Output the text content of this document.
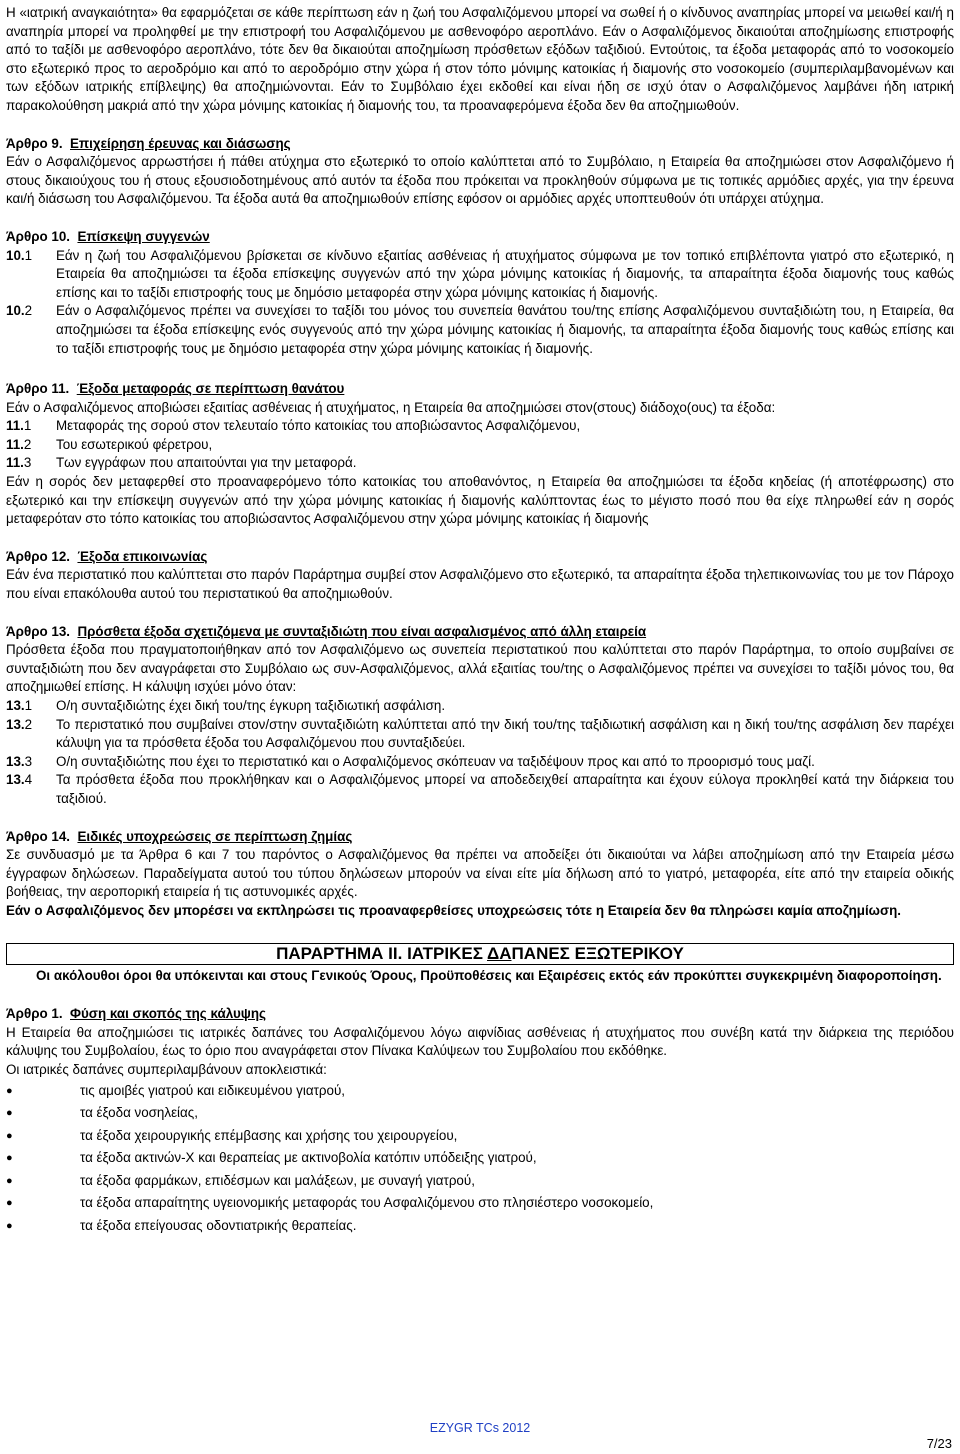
Η «ιατρική αναγκαιότητα» θα εφαρμόζεται σε κάθε περίπτωση εάν η ζωή του Ασφαλιζόμενου μπορεί να σωθεί ή ο κίνδυνος αναπηρίας μπορεί να μειωθεί και/ή η αναπηρία μπορεί να προληφθεί με την επιστροφή του Ασφαλιζόμενου με ασθενοφόρο αεροπλάνο. Εάν ο Ασφαλιζόμενος δικαιούται αποζημίωσης επιστροφής από το ταξίδι με ασθενοφόρο αεροπλάνο, τότε δεν θα δικαιούται αποζημίωση πρόσθετων εξόδων ταξιδιού. Εντούτοις, τα έξοδα μεταφοράς από το νοσοκομείο στο εξωτερικό προς το αεροδρόμιο και από το αεροδρόμιο στην χώρα ή στον τόπο μόνιμης κατοικίας ή διαμονής στο νοσοκομείο (συμπεριλαμβανομένων και των εξόδων ιατρικής επίβλεψης) θα αποζημιώνονται. Εάν το Συμβόλαιο έχει εκδοθεί και είναι ήδη σε ισχύ όταν ο Ασφαλιζόμενος λαμβάνει ήδη ιατρική παρακολούθηση μακριά από την χώρα μόνιμης κατοικίας ή διαμονής του, τα προαναφερόμενα έξοδα δεν θα αποζημιωθούν.

Άρθρο 9. Επιχείρηση έρευνας και διάσωσης

Εάν ο Ασφαλιζόμενος αρρωστήσει ή πάθει ατύχημα στο εξωτερικό το οποίο καλύπτεται από το Συμβόλαιο, η Εταιρεία θα αποζημιώσει στον Ασφαλιζόμενο ή στους δικαιούχους του ή στους εξουσιοδοτημένους από αυτόν τα έξοδα που πρόκειται να προκληθούν σύμφωνα με τις τοπικές αρμόδιες αρχές, για την έρευνα και/ή διάσωση του Ασφαλιζόμενου. Τα έξοδα αυτά θα αποζημιωθούν επίσης εφόσον οι αρμόδιες αρχές υποπτευθούν ότι υπάρχει ατύχημα.

Άρθρο 10. Επίσκεψη συγγενών

10.1	Εάν η ζωή του Ασφαλιζόμενου βρίσκεται σε κίνδυνο εξαιτίας ασθένειας ή ατυχήματος σύμφωνα με τον τοπικό επιβλέποντα γιατρό στο εξωτερικό, η Εταιρεία θα αποζημιώσει τα έξοδα επίσκεψης συγγενών από την χώρα μόνιμης κατοικίας ή διαμονής, τα απαραίτητα έξοδα διαμονής τους καθώς επίσης και το ταξίδι επιστροφής τους με δημόσιο μεταφορέα στην χώρα μόνιμης κατοικίας ή διαμονής.
10.2	Εάν ο Ασφαλιζόμενος πρέπει να συνεχίσει το ταξίδι του μόνος του συνεπεία θανάτου του/της επίσης Ασφαλιζόμενου συνταξιδιώτη του, η Εταιρεία, θα αποζημιώσει τα έξοδα επίσκεψης ενός συγγενούς από την χώρα μόνιμης κατοικίας ή διαμονής, τα απαραίτητα έξοδα διαμονής τους καθώς επίσης και το ταξίδι επιστροφής τους με δημόσιο μεταφορέα στην χώρα μόνιμης κατοικίας ή διαμονής.

Άρθρο 11. Έξοδα μεταφοράς σε περίπτωση θανάτου

Εάν ο Ασφαλιζόμενος αποβιώσει εξαιτίας ασθένειας ή ατυχήματος, η Εταιρεία θα αποζημιώσει στον(στους) διάδοχο(ους) τα έξοδα:

11.1	Μεταφοράς της σορού στον τελευταίο τόπο κατοικίας του αποβιώσαντος Ασφαλιζόμενου,
11.2	Του εσωτερικού φέρετρου,
11.3	Των εγγράφων που απαιτούνται για την μεταφορά.

Εάν η σορός δεν μεταφερθεί στο προαναφερόμενο τόπο κατοικίας του αποθανόντος, η Εταιρεία θα αποζημιώσει τα έξοδα κηδείας (ή αποτέφρωσης) στο εξωτερικό και την επίσκεψη συγγενών από την χώρα μόνιμης κατοικίας ή διαμονής καλύπτοντας έως το μέγιστο ποσό που θα είχε πληρωθεί εάν η σορός μεταφερόταν στο τόπο κατοικίας του αποβιώσαντος Ασφαλιζόμενου στην χώρα μόνιμης κατοικίας ή διαμονής

Άρθρο 12. Έξοδα επικοινωνίας

Εάν ένα περιστατικό που καλύπτεται στο παρόν Παράρτημα συμβεί στον Ασφαλιζόμενο στο εξωτερικό, τα απαραίτητα έξοδα τηλεπικοινωνίας του με τον Πάροχο που είναι επακόλουθα αυτού του περιστατικού θα αποζημιωθούν.

Άρθρο 13. Πρόσθετα έξοδα σχετιζόμενα με συνταξιδιώτη που είναι ασφαλισμένος από άλλη εταιρεία

Πρόσθετα έξοδα που πραγματοποιήθηκαν από τον Ασφαλιζόμενο ως συνεπεία περιστατικού που καλύπτεται στο παρόν Παράρτημα, το οποίο συμβαίνει σε συνταξιδιώτη που δεν αναγράφεται στο Συμβόλαιο ως συν-Ασφαλιζόμενος, αλλά εξαιτίας του/της ο Ασφαλιζόμενος πρέπει να συνεχίσει το ταξίδι μόνος του, θα αποζημιωθεί επίσης. Η κάλυψη ισχύει μόνο όταν:

13.1	Ο/η συνταξιδιώτης έχει δική του/της έγκυρη ταξιδιωτική ασφάλιση.
13.2	Το περιστατικό που συμβαίνει στον/στην συνταξιδιώτη καλύπτεται από την δική του/της ταξιδιωτική ασφάλιση και η δική του/της ασφάλιση δεν παρέχει κάλυψη για τα πρόσθετα έξοδα του Ασφαλιζόμενου που συνταξιδεύει.
13.3	Ο/η συνταξιδιώτης που έχει το περιστατικό και ο Ασφαλιζόμενος σκόπευαν να ταξιδέψουν προς και από το προορισμό τους μαζί.
13.4	Τα πρόσθετα έξοδα που προκλήθηκαν και ο Ασφαλιζόμενος μπορεί να αποδεδειχθεί απαραίτητα και έχουν εύλογα προκληθεί κατά την διάρκεια του ταξιδιού.

Άρθρο 14. Ειδικές υποχρεώσεις σε περίπτωση ζημίας

Σε συνδυασμό με τα Άρθρα 6 και 7 του παρόντος ο Ασφαλιζόμενος θα πρέπει να αποδείξει ότι δικαιούται να λάβει αποζημίωση από την Εταιρεία μέσω έγγραφων δηλώσεων. Παραδείγματα αυτού του τύπου δηλώσεων μπορούν να είναι είτε μία δήλωση από το γιατρό, μεταφορέα, είτε από την εταιρεία οδικής βοήθειας, την αεροπορική εταιρεία ή τις αστυνομικές αρχές.

Εάν ο Ασφαλιζόμενος δεν μπορέσει να εκπληρώσει τις προαναφερθείσες υποχρεώσεις τότε η Εταιρεία δεν θα πληρώσει καμία αποζημίωση.

ΠΑΡΑΡΤΗΜΑ ΙΙ. ΙΑΤΡΙΚΕΣ ΔΑΠΑΝΕΣ ΕΞΩΤΕΡΙΚΟΥ

Οι ακόλουθοι όροι θα υπόκεινται και στους Γενικούς Όρους, Προϋποθέσεις και Εξαιρέσεις εκτός εάν προκύπτει συγκεκριμένη διαφοροποίηση.

Άρθρο 1. Φύση και σκοπός της κάλυψης

Η Εταιρεία θα αποζημιώσει τις ιατρικές δαπάνες του Ασφαλιζόμενου λόγω αιφνίδιας ασθένειας ή ατυχήματος που συνέβη κατά την διάρκεια της περιόδου κάλυψης του Συμβολαίου, έως το όριο που αναγράφεται στον Πίνακα Καλύψεων του Συμβολαίου που εκδόθηκε.

Οι ιατρικές δαπάνες συμπεριλαμβάνουν αποκλειστικά:

●	τις αμοιβές γιατρού και ειδικευμένου γιατρού,
●	τα έξοδα νοσηλείας,
●	τα έξοδα χειρουργικής επέμβασης και χρήσης του χειρουργείου,
●	τα έξοδα ακτινών-Χ και θεραπείας με ακτινοβολία κατόπιν υπόδειξης γιατρού,
●	τα έξοδα φαρμάκων, επιδέσμων και μαλάξεων, με συναγή γιατρού,
●	τα έξοδα απαραίτητης υγειονομικής μεταφοράς του Ασφαλιζόμενου στο πλησιέστερο νοσοκομείο,
●	τα έξοδα επείγουσας οδοντιατρικής θεραπείας.
EZYGR TCs 2012
7/23
